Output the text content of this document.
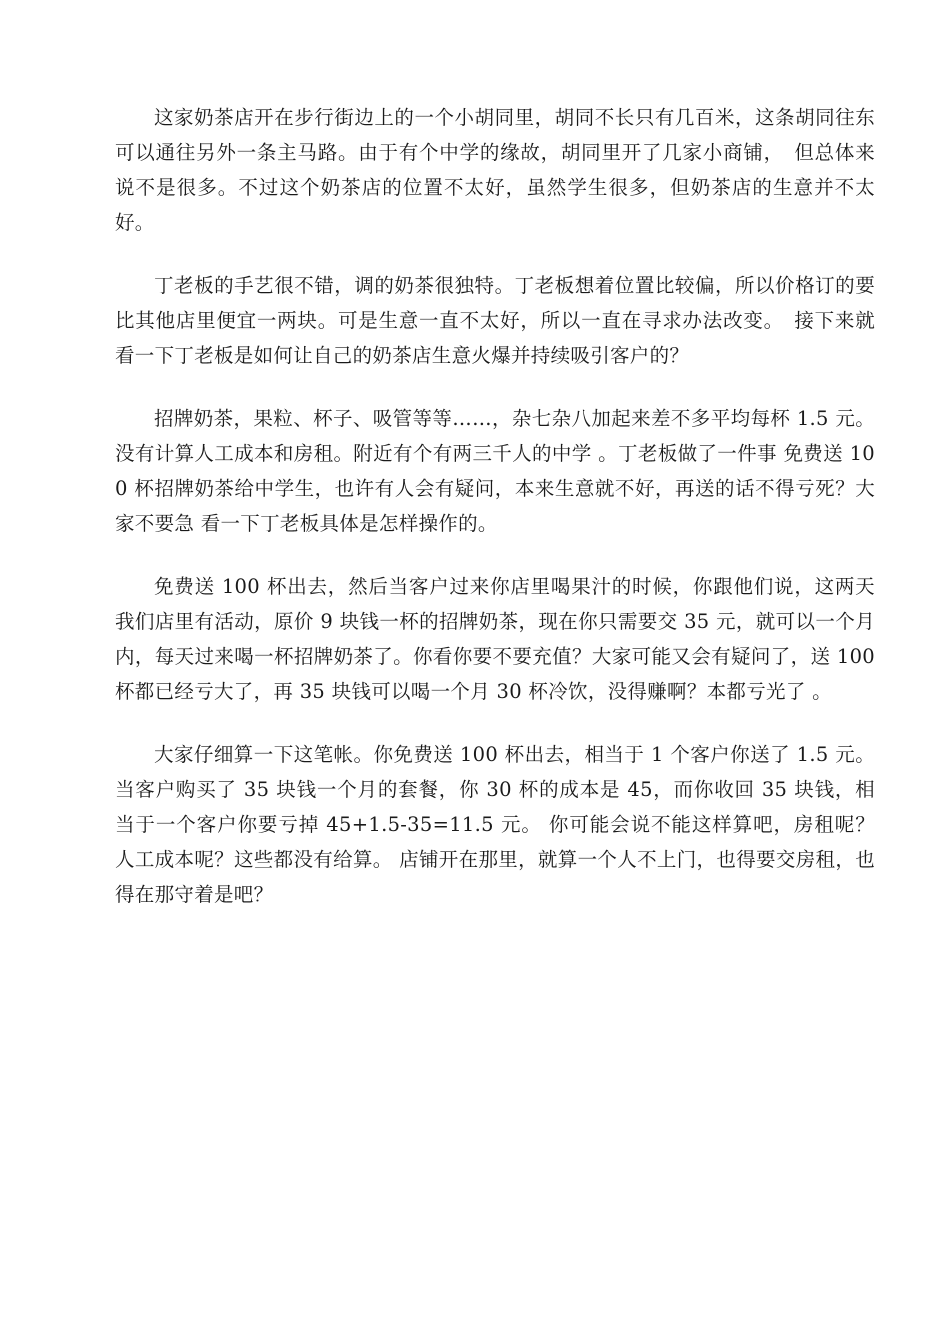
这家奶茶店开在步行街边上的一个小胡同里，胡同不长只有几百米，这条胡同往东可以通往另外一条主马路。由于有个中学的缘故，胡同里开了几家小商铺，　但总体来说不是很多。不过这个奶茶店的位置不太好，虽然学生很多，但奶茶店的生意并不太好。

丁老板的手艺很不错，调的奶茶很独特。丁老板想着位置比较偏，所以价格订的要比其他店里便宜一两块。可是生意一直不太好，所以一直在寻求办法改变。　接下来就看一下丁老板是如何让自己的奶茶店生意火爆并持续吸引客户的？

招牌奶茶，果粒、杯子、吸管等等……，杂七杂八加起来差不多平均每杯 1.5 元。没有计算人工成本和房租。附近有个有两三千人的中学 。丁老板做了一件事 免费送 100 杯招牌奶茶给中学生，也许有人会有疑问，本来生意就不好，再送的话不得亏死？大家不要急 看一下丁老板具体是怎样操作的。

免费送 100 杯出去，然后当客户过来你店里喝果汁的时候，你跟他们说，这两天我们店里有活动，原价 9 块钱一杯的招牌奶茶，现在你只需要交 35 元，就可以一个月内，每天过来喝一杯招牌奶茶了。你看你要不要充值？大家可能又会有疑问了，送 100 杯都已经亏大了，再 35 块钱可以喝一个月 30 杯冷饮，没得赚啊？本都亏光了 。

大家仔细算一下这笔帐。你免费送 100 杯出去，相当于 1 个客户你送了 1.5 元。当客户购买了 35 块钱一个月的套餐，你 30 杯的成本是 45，而你收回 35 块钱，相当于一个客户你要亏掉 45+1.5-35=11.5 元。 你可能会说不能这样算吧，房租呢？人工成本呢？这些都没有给算。 店铺开在那里，就算一个人不上门，也得要交房租，也得在那守着是吧？
